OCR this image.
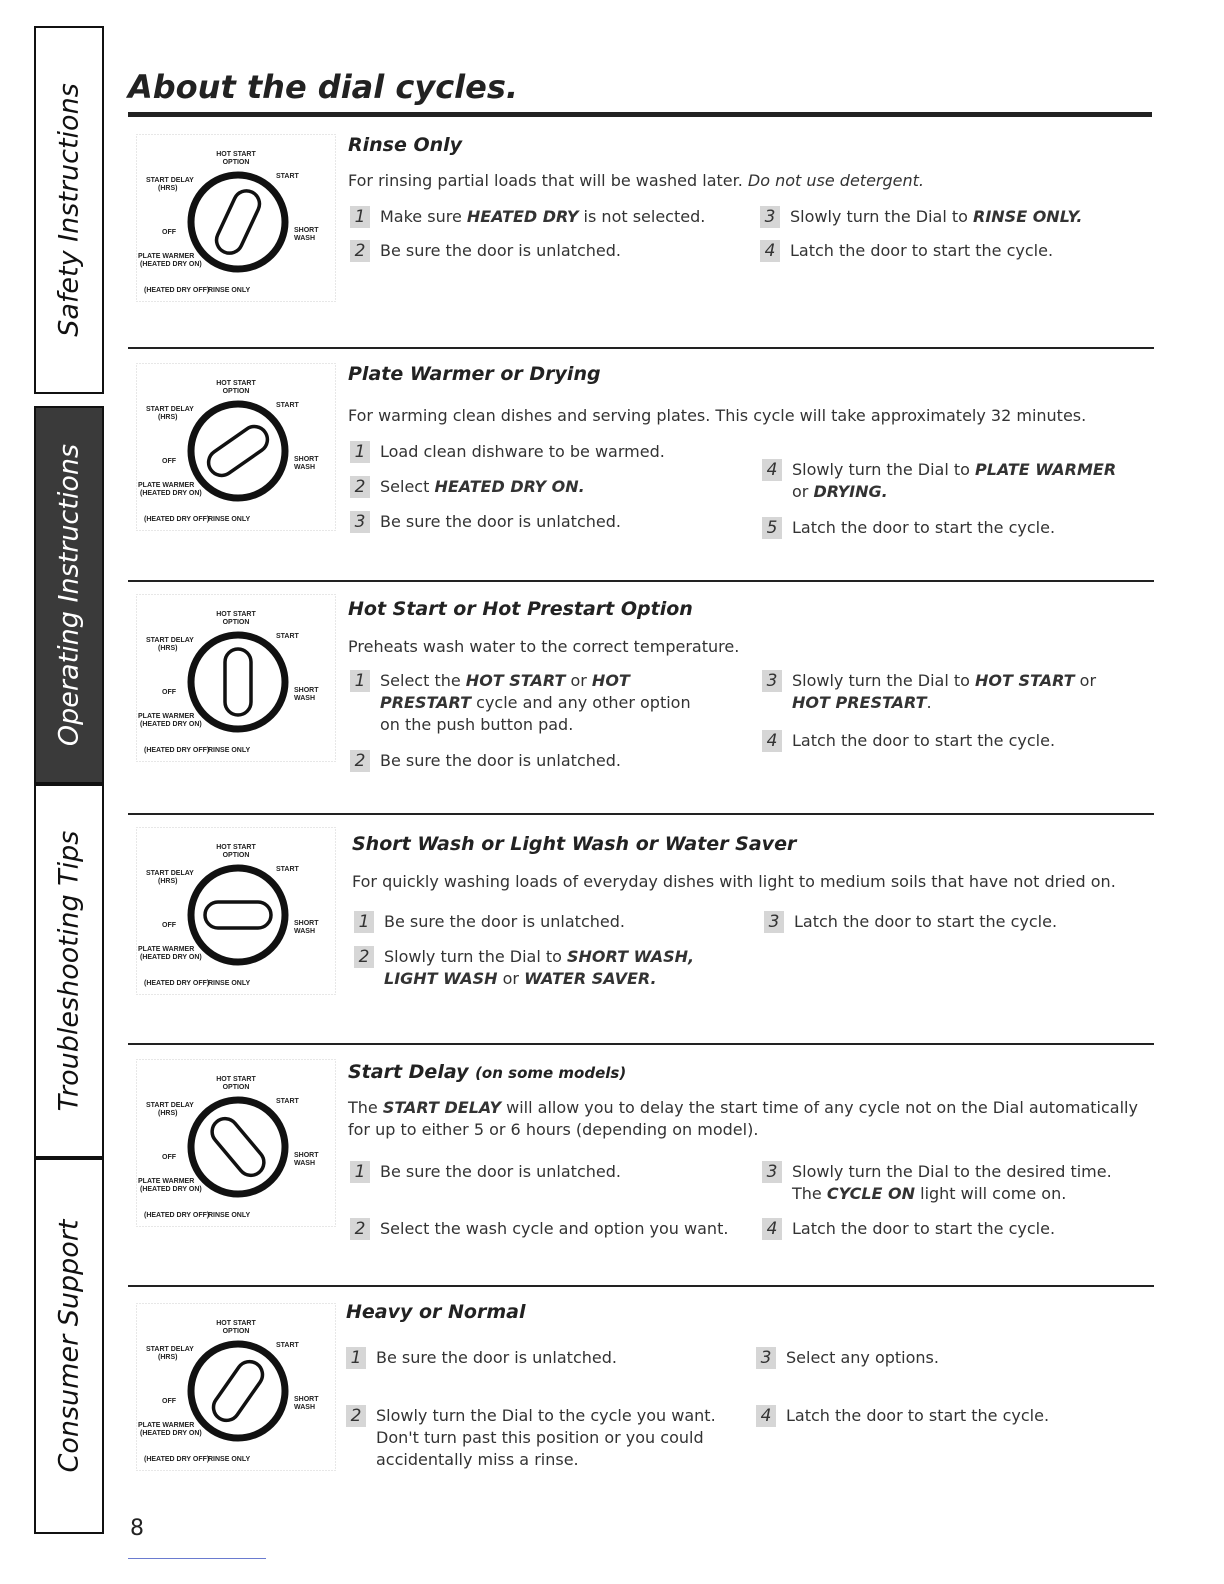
Safety Instructions
Operating Instructions
Troubleshooting Tips
Consumer Support
About the dial cycles.
HOT START
OPTION
START
START DELAY
(HRS)
OFF	SHORT
WASH
PLATE WARMER
(HEATED DRY ON)
(HEATED DRY OFF)
RINSE ONLY
Rinse Only
For rinsing partial loads that will be washed later. Do not use detergent.
1 Make sure HEATED DRY is not selected.
2 Be sure the door is unlatched.
3 Slowly turn the Dial to RINSE ONLY.
4 Latch the door to start the cycle.
HOT START
OPTION
START
START DELAY
(HRS)
OFF	SHORT
WASH
PLATE WARMER
(HEATED DRY ON)
(HEATED DRY OFF)
RINSE ONLY
Plate Warmer or Drying
For warming clean dishes and serving plates. This cycle will take approximately 32 minutes.
1 Load clean dishware to be warmed.
2 Select HEATED DRY ON.
3 Be sure the door is unlatched.
4 Slowly turn the Dial to PLATE WARMER or DRYING.
5 Latch the door to start the cycle.
HOT START
OPTION
START
START DELAY
(HRS)
OFF	SHORT
WASH
PLATE WARMER
(HEATED DRY ON)
(HEATED DRY OFF)
RINSE ONLY
Hot Start or Hot Prestart Option
Preheats wash water to the correct temperature.
1 Select the HOT START or HOT PRESTART cycle and any other option on the push button pad.
2 Be sure the door is unlatched.
3 Slowly turn the Dial to HOT START or HOT PRESTART.
4 Latch the door to start the cycle.
HOT START
OPTION
START
START DELAY
(HRS)
OFF	SHORT
WASH
PLATE WARMER
(HEATED DRY ON)
(HEATED DRY OFF)
RINSE ONLY
Short Wash or Light Wash or Water Saver
For quickly washing loads of everyday dishes with light to medium soils that have not dried on.
1 Be sure the door is unlatched.
2 Slowly turn the Dial to SHORT WASH,
LIGHT WASH or WATER SAVER.
3 Latch the door to start the cycle.
HOT START
OPTION
START
START DELAY
(HRS)
OFF	SHORT
WASH
PLATE WARMER
(HEATED DRY ON)
(HEATED DRY OFF)
RINSE ONLY
Start Delay (on some models)
The START DELAY will allow you to delay the start time of any cycle not on the Dial automatically for up to either 5 or 6 hours (depending on model).
1 Be sure the door is unlatched.
2 Select the wash cycle and option you want.
3 Slowly turn the Dial to the desired time. The CYCLE ON light will come on.
4 Latch the door to start the cycle.
HOT START
OPTION
START
START DELAY
(HRS)
OFF	SHORT
WASH
PLATE WARMER
(HEATED DRY ON)
(HEATED DRY OFF)
RINSE ONLY
Heavy or Normal
1 Be sure the door is unlatched.
2 Slowly turn the Dial to the cycle you want. Don't turn past this position or you could accidentally miss a rinse.
3 Select any options.
4 Latch the door to start the cycle.
8
